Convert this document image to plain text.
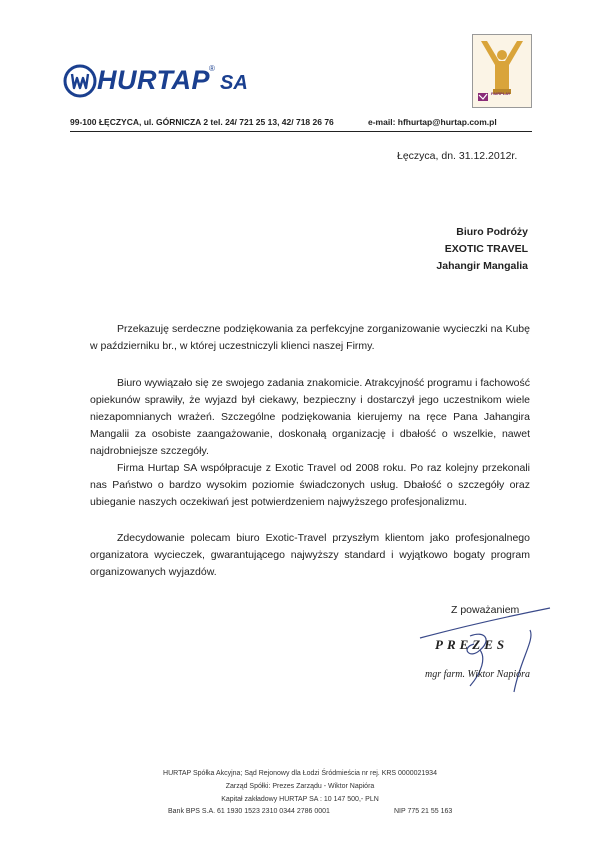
HURTAP
®
SA	FAIRPLAY
99-100 ŁĘCZYCA, ul. GÓRNICZA 2 tel. 24/ 721 25 13, 42/ 718 26 76	e-mail: hfhurtap@hurtap.com.pl
Łęczyca, dn. 31.12.2012r.
Biuro Podróży
EXOTIC TRAVEL
Jahangir Mangalia

Przekazuję serdeczne podziękowania za perfekcyjne zorganizowanie wycieczki na Kubę w październiku br., w której uczestniczyli klienci naszej Firmy.

Biuro wywiązało się ze swojego zadania znakomicie. Atrakcyjność programu i fachowość opiekunów sprawiły, że wyjazd był ciekawy, bezpieczny i dostarczył jego uczestnikom wiele niezapomnianych wrażeń. Szczególne podziękowania kierujemy na ręce Pana Jahangira Mangalii za osobiste zaangażowanie, doskonałą organizację i dbałość o wszelkie, nawet najdrobniejsze szczegóły.

Firma Hurtap SA współpracuje z Exotic Travel od 2008 roku. Po raz kolejny przekonali nas Państwo o bardzo wysokim poziomie świadczonych usług. Dbałość o szczegóły oraz ubieganie naszych oczekiwań jest potwierdzeniem najwyższego profesjonalizmu.

Zdecydowanie polecam biuro Exotic-Travel przyszłym klientom jako profesjonalnego organizatora wycieczek, gwarantującego najwyższy standard i wyjątkowo bogaty program organizowanych wyjazdów.

Z poważaniem
PREZES
mgr farm. Wiktor Napióra
HURTAP Spółka Akcyjna; Sąd Rejonowy dla Łodzi Śródmieścia nr rej. KRS 0000021934
Zarząd Spółki: Prezes Zarządu - Wiktor Napióra
Kapitał zakładowy HURTAP SA : 10 147 500,- PLN
Bank BPS S.A. 61 1930 1523 2310 0344 2786 0001	NIP 775 21 55 163
